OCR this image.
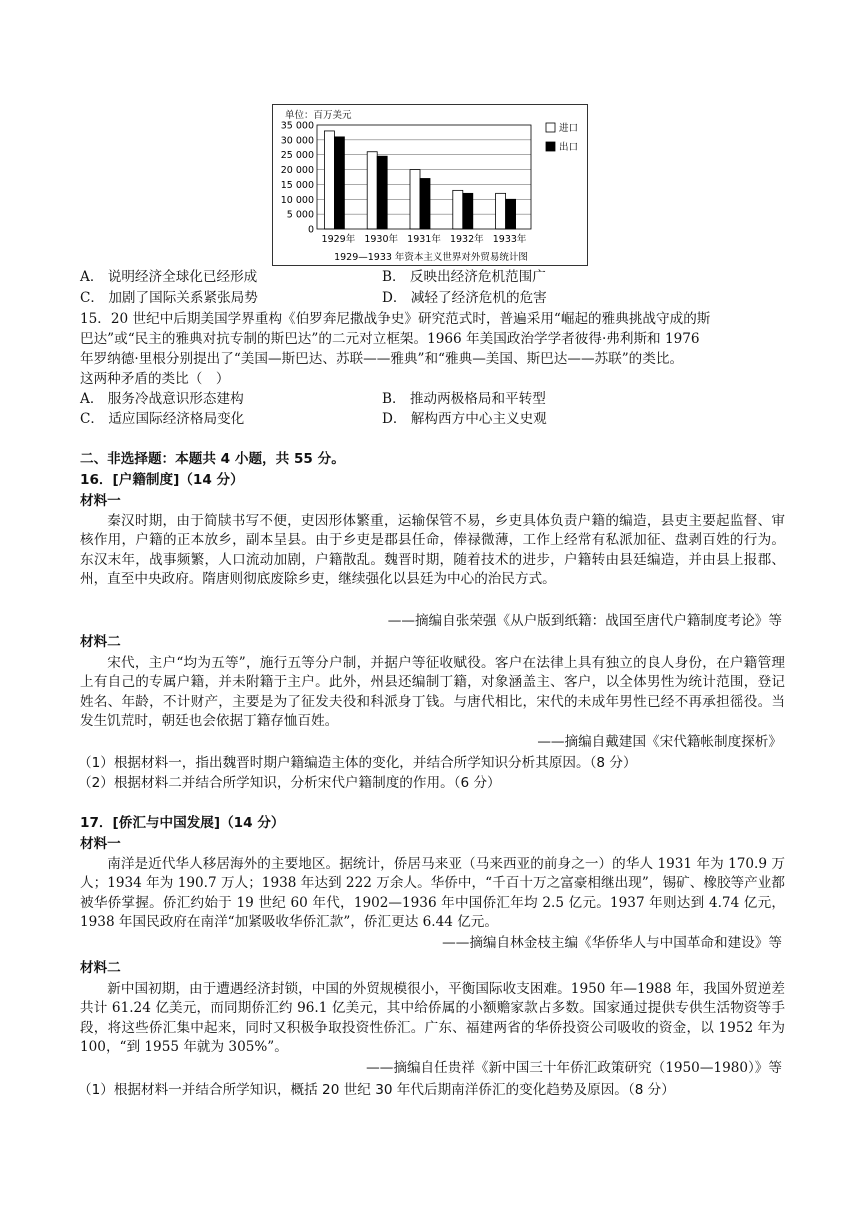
单位：百万美元
35 000
30 000
25 000
20 000
15 000
10 000
5 000
0
1929年 1930年 1931年 1932年 1933年
进口
出口
1929—1933 年资本主义世界对外贸易统计图
A． 说明经济全球化已经形成	B． 反映出经济危机范围广
C． 加剧了国际关系紧张局势	D． 减轻了经济危机的危害
15．20 世纪中后期美国学界重构《伯罗奔尼撒战争史》研究范式时，普遍采用“崛起的雅典挑战守成的斯
巴达”或“民主的雅典对抗专制的斯巴达”的二元对立框架。1966 年美国政治学学者彼得·弗利斯和 1976
年罗纳德·里根分别提出了“美国—斯巴达、苏联——雅典”和“雅典—美国、斯巴达——苏联”的类比。
这两种矛盾的类比（　）
A． 服务冷战意识形态建构	B． 推动两极格局和平转型
C． 适应国际经济格局变化	D． 解构西方中心主义史观
二、非选择题：本题共 4 小题，共 55 分。
16．[户籍制度]（14 分）
材料一
秦汉时期，由于简牍书写不便，吏因形体繁重，运输保管不易，乡吏具体负责户籍的编造，县吏主要起监督、审核作用，户籍的正本放乡，副本呈县。由于乡吏是郡县任命，俸禄微薄，工作上经常有私派加征、盘剥百姓的行为。东汉末年，战事频繁，人口流动加剧，户籍散乱。魏晋时期，随着技术的进步，户籍转由县廷编造，并由县上报郡、州，直至中央政府。隋唐则彻底废除乡吏，继续强化以县廷为中心的治民方式。
——摘编自张荣强《从户版到纸籍：战国至唐代户籍制度考论》等
材料二
宋代，主户“均为五等”，施行五等分户制，并据户等征收赋役。客户在法律上具有独立的良人身份，在户籍管理上有自己的专属户籍，并未附籍于主户。此外，州县还编制丁籍，对象涵盖主、客户，以全体男性为统计范围，登记姓名、年龄，不计财产，主要是为了征发夫役和科派身丁钱。与唐代相比，宋代的未成年男性已经不再承担徭役。当发生饥荒时，朝廷也会依据丁籍存恤百姓。
——摘编自戴建国《宋代籍帐制度探析》
（1）根据材料一，指出魏晋时期户籍编造主体的变化，并结合所学知识分析其原因。（8 分）
（2）根据材料二并结合所学知识，分析宋代户籍制度的作用。（6 分）
17．[侨汇与中国发展]（14 分）
材料一
南洋是近代华人移居海外的主要地区。据统计，侨居马来亚（马来西亚的前身之一）的华人 1931 年为 170.9 万人；1934 年为 190.7 万人；1938 年达到 222 万余人。华侨中，“千百十万之富豪相继出现”，锡矿、橡胶等产业都被华侨掌握。侨汇约始于 19 世纪 60 年代，1902—1936 年中国侨汇年均 2.5 亿元。1937 年则达到 4.74 亿元，1938 年国民政府在南洋“加紧吸收华侨汇款”，侨汇更达 6.44 亿元。
——摘编自林金枝主编《华侨华人与中国革命和建设》等
材料二
新中国初期，由于遭遇经济封锁，中国的外贸规模很小，平衡国际收支困难。1950 年—1988 年，我国外贸逆差共计 61.24 亿美元，而同期侨汇约 96.1 亿美元，其中给侨属的小额赡家款占多数。国家通过提供专供生活物资等手段，将这些侨汇集中起来，同时又积极争取投资性侨汇。广东、福建两省的华侨投资公司吸收的资金，以 1952 年为 100，“到 1955 年就为 305%”。
——摘编自任贵祥《新中国三十年侨汇政策研究（1950—1980）》等
（1）根据材料一并结合所学知识，概括 20 世纪 30 年代后期南洋侨汇的变化趋势及原因。（8 分）
